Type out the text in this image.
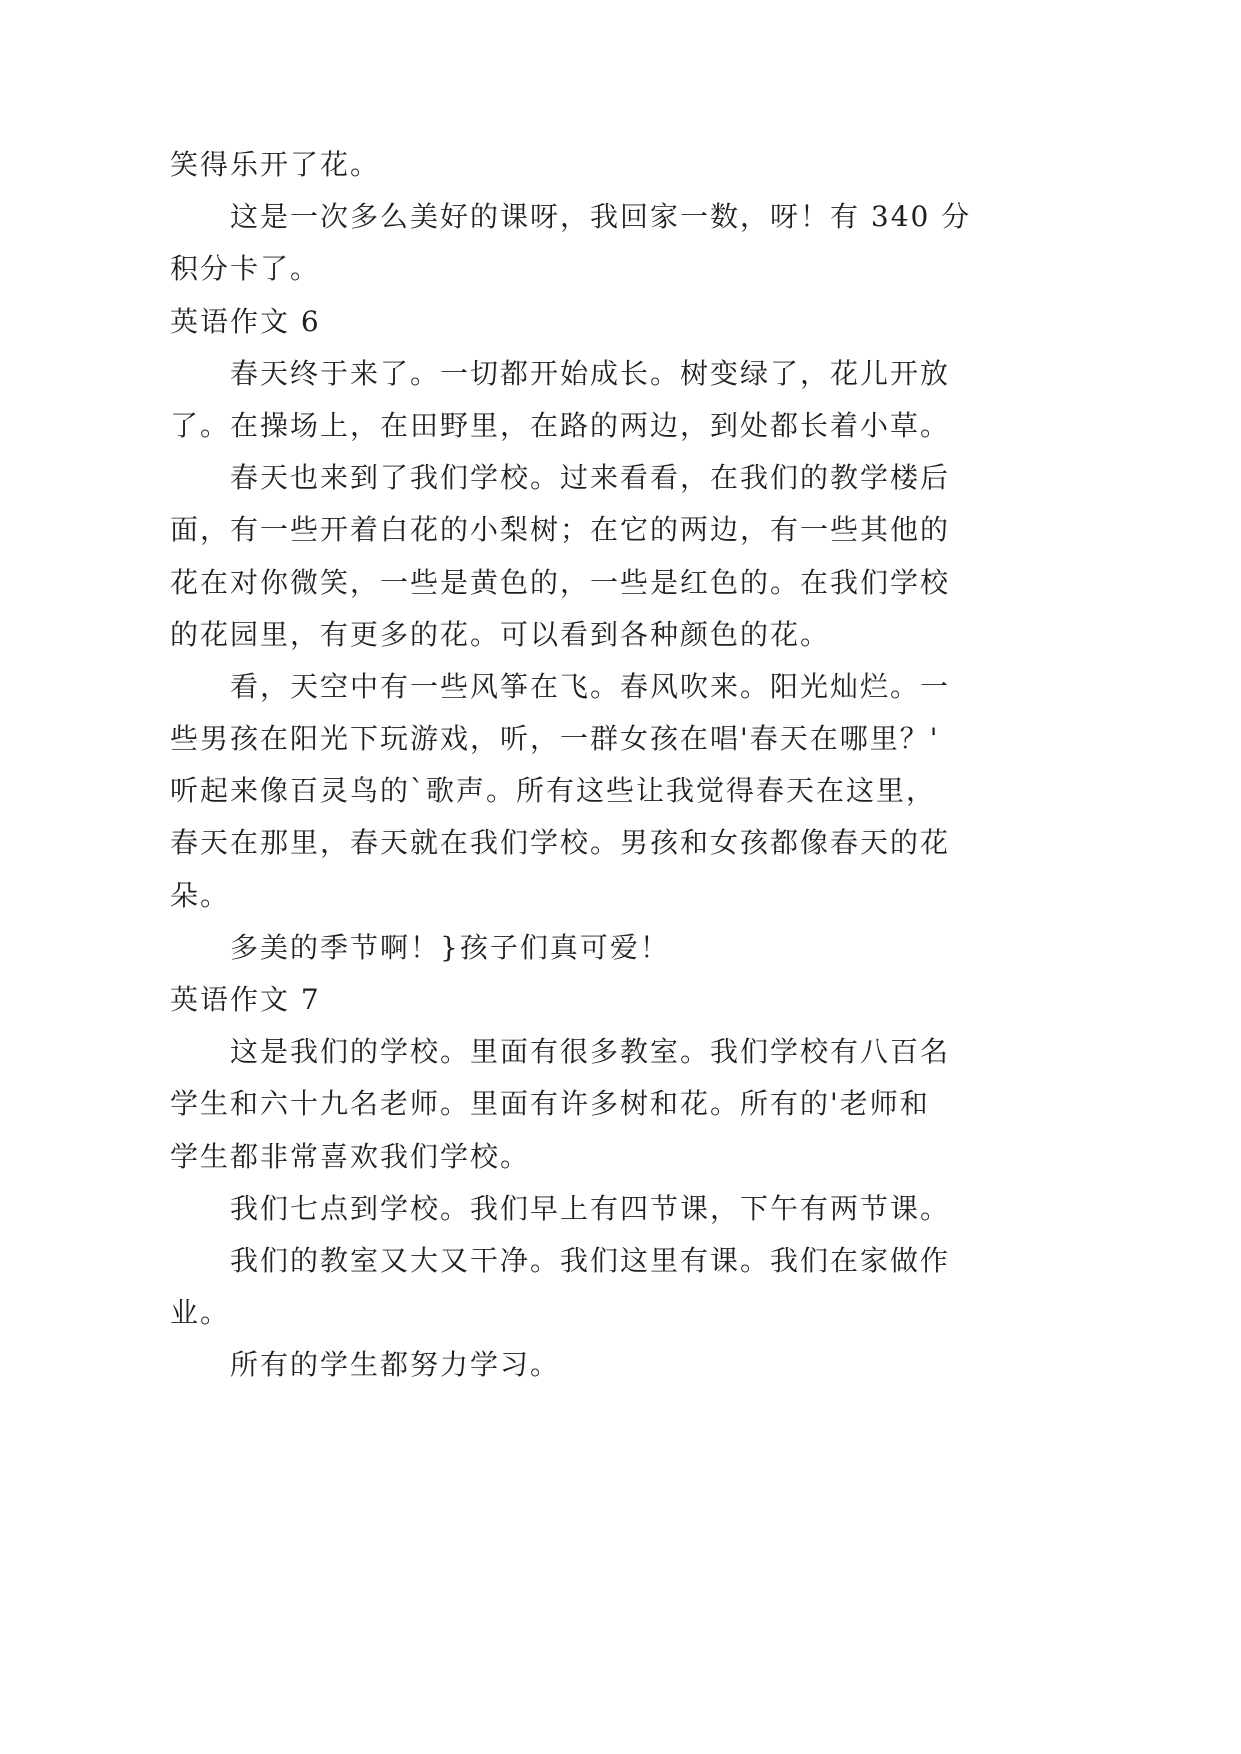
笑得乐开了花。
这是一次多么美好的课呀，我回家一数，呀！有 340 分
积分卡了。
英语作文 6
春天终于来了。一切都开始成长。树变绿了，花儿开放
了。在操场上，在田野里，在路的两边，到处都长着小草。
春天也来到了我们学校。过来看看，在我们的教学楼后
面，有一些开着白花的小梨树；在它的两边，有一些其他的
花在对你微笑，一些是黄色的，一些是红色的。在我们学校
的花园里，有更多的花。可以看到各种颜色的花。
看，天空中有一些风筝在飞。春风吹来。阳光灿烂。一
些男孩在阳光下玩游戏，听，一群女孩在唱'春天在哪里？'
听起来像百灵鸟的`歌声。所有这些让我觉得春天在这里，
春天在那里，春天就在我们学校。男孩和女孩都像春天的花
朵。
多美的季节啊！}孩子们真可爱！
英语作文 7
这是我们的学校。里面有很多教室。我们学校有八百名
学生和六十九名老师。里面有许多树和花。所有的'老师和
学生都非常喜欢我们学校。
我们七点到学校。我们早上有四节课，下午有两节课。
我们的教室又大又干净。我们这里有课。我们在家做作
业。
所有的学生都努力学习。
